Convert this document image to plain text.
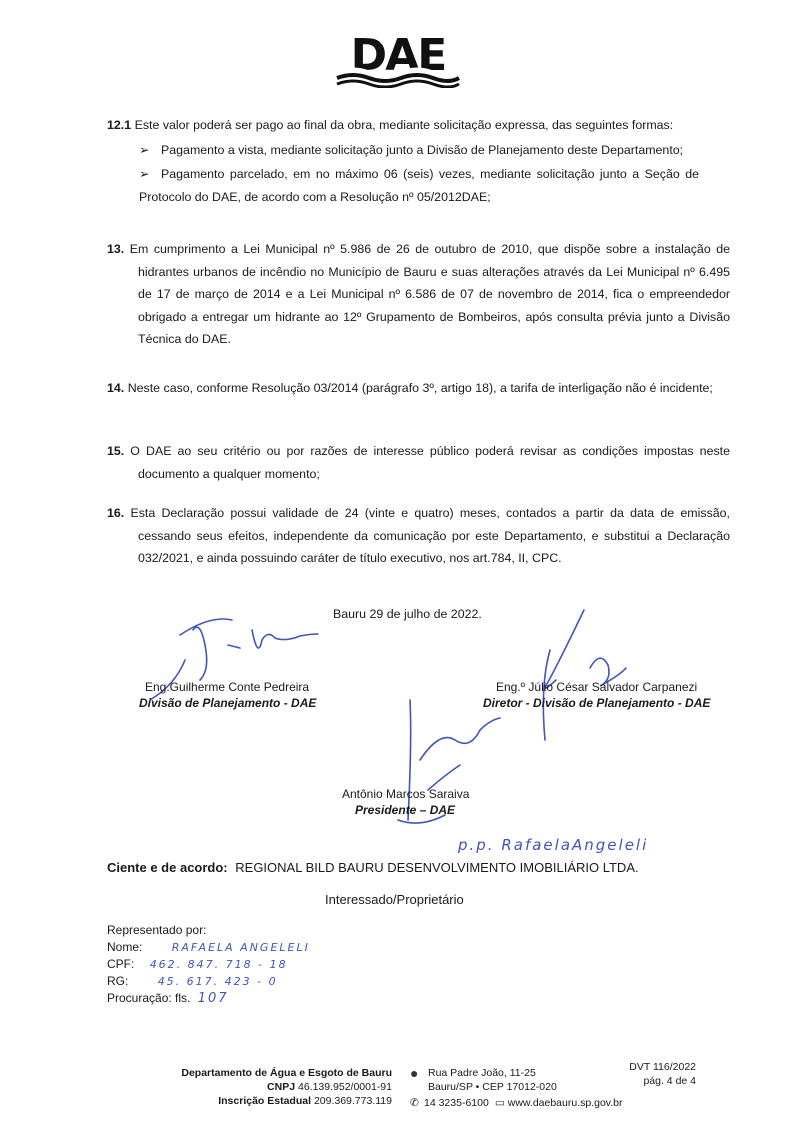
DAE
12.1 Este valor poderá ser pago ao final da obra, mediante solicitação expressa, das seguintes formas:
➢ Pagamento a vista, mediante solicitação junto a Divisão de Planejamento deste Departamento;
➢ Pagamento parcelado, em no máximo 06 (seis) vezes, mediante solicitação junto a Seção de Protocolo do DAE, de acordo com a Resolução nº 05/2012DAE;
13. Em cumprimento a Lei Municipal nº 5.986 de 26 de outubro de 2010, que dispõe sobre a instalação de hidrantes urbanos de incêndio no Município de Bauru e suas alterações através da Lei Municipal nº 6.495 de 17 de março de 2014 e a Lei Municipal nº 6.586 de 07 de novembro de 2014, fica o empreendedor obrigado a entregar um hidrante ao 12º Grupamento de Bombeiros, após consulta prévia junto a Divisão Técnica do DAE.
14. Neste caso, conforme Resolução 03/2014 (parágrafo 3º, artigo 18), a tarifa de interligação não é incidente;
15. O DAE ao seu critério ou por razões de interesse público poderá revisar as condições impostas neste documento a qualquer momento;
16. Esta Declaração possui validade de 24 (vinte e quatro) meses, contados a partir da data de emissão, cessando seus efeitos, independente da comunicação por este Departamento, e substitui a Declaração 032/2021, e ainda possuindo caráter de título executivo, nos art.784, II, CPC.
Bauru 29 de julho de 2022.
Eng.Guilherme Conte Pedreira
Divisão de Planejamento - DAE
Eng.º Júlio César Salvador Carpanezi
Diretor - Divisão de Planejamento - DAE
Antônio Marcos Saraiva
Presidente – DAE
p.p. RafaelaAngeleli
Ciente e de acordo: REGIONAL BILD BAURU DESENVOLVIMENTO IMOBILIÁRIO LTDA.
Interessado/Proprietário
Representado por:
Nome:	RAFAELA ANGELELI
CPF: 462. 847. 718 - 18
RG:	45. 617. 423 - 0
Procuração: fls. 107
Departamento de Água e Esgoto de Bauru
CNPJ 46.139.952/0001-91
Inscrição Estadual 209.369.773.119
● Rua Padre João, 11-25
Bauru/SP • CEP 17012-020
✆ 14 3235-6100 ▭ www.daebauru.sp.gov.br
DVT 116/2022
pág. 4 de 4
